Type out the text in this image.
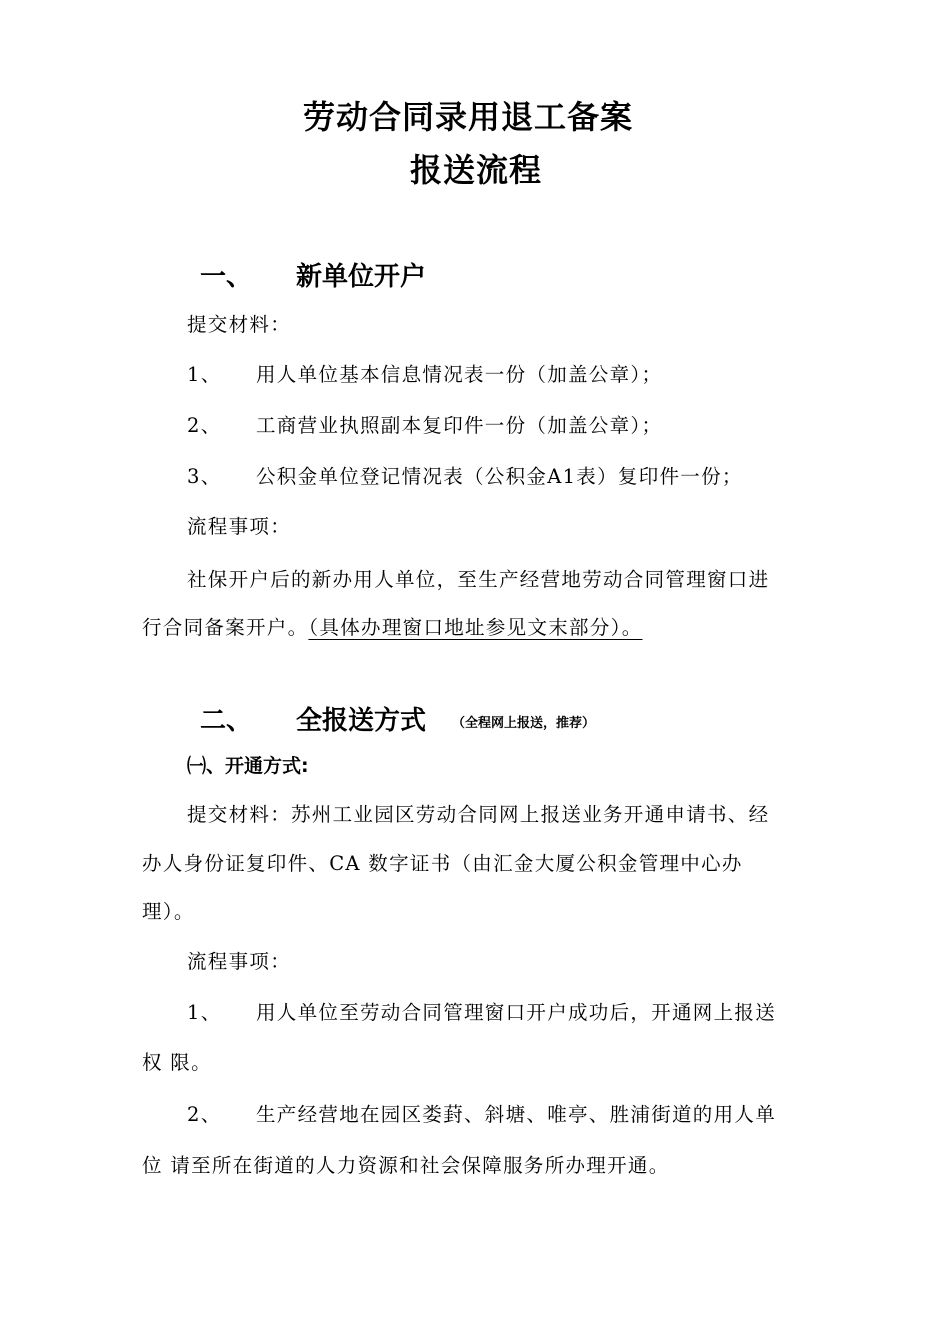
劳动合同录用退工备案
报送流程
一、 新单位开户
提交材料：
1、 用人单位基本信息情况表一份（加盖公章）；
2、 工商营业执照副本复印件一份（加盖公章）；
3、 公积金单位登记情况表（公积金A1表）复印件一份；
流程事项：
社保开户后的新办用人单位，至生产经营地劳动合同管理窗口进
行合同备案开户。（具体办理窗口地址参见文末部分）。
二、 全报送方式 （全程网上报送，推荐）
㈠、开通方式:
提交材料：苏州工业园区劳动合同网上报送业务开通申请书、经
办人身份证复印件、CA 数字证书（由汇金大厦公积金管理中心办
理）。
流程事项：
1、 用人单位至劳动合同管理窗口开户成功后，开通网上报送
权 限。
2、 生产经营地在园区娄葑、斜塘、唯亭、胜浦街道的用人单
位 请至所在街道的人力资源和社会保障服务所办理开通。
